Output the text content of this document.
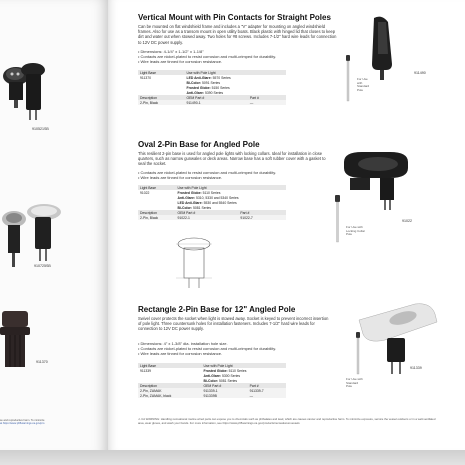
910521SB
910725SB
911370
se and reproductive harm. To minimize
at https://www.p65warnings.ca.gov/pro
Vertical Mount with Pin Contacts for Straight Poles
Can be mounted on flat windshield frame and includes a "V" adapter for mounting on angled windshield frames. Also for use as a transom mount in open utility boats. Black plastic with hinged lid that closes to keep dirt and water out when stowed away. Two holes for #8 screws. Includes 7-1/2" hard wire leads for connection to 12V DC power supply.
• Dimensions: 4-1/4" x 1-1/2" x 1-1/8"
• Contacts are nickel-plated to resist corrosion and multi-crimped for durability.
• Wire leads are tinned for corrosion resistance.
Light Base	Use with Pole Light	
911370	LED Anti-Glare: 5570 Series	
	Bi-Color: 5091 Series	
	Frosted Globe: 5150 Series	
	Anti-Glare: 5390 Series	
Description	OEM Part #	Part #
2-Pin, Black	911490-1	—
For Use with Standard Pole
911490
Oval 2-Pin Base for Angled Pole
This resilient 2-pin base is used for angled pole lights with locking collars. Ideal for installation in close quarters, such as narrow gunwales or deck areas. Narrow base has a soft rubber cover with a gasket to seal the socket.
• Contacts are nickel-plated to resist corrosion and multi-crimped for durability.
• Wire leads are tinned for corrosion resistance.
Light Base	Use with Pole Light	
91022	Frosted Globe: 5110 Series	
	Anti-Glare: 5310, 5330 and 5340 Series	
	LED Anti-Glare: 5530 and 5540 Series	
	Bi-Color: 5081 Series	
Description	OEM Part #	Part #
2-Pin, Black	91022-1	91022-7
For Use with Locking Collar Pole
91022
Rectangle 2-Pin Base for 12" Angled Pole
Swivel cover protects the socket when light is stowed away. Socket is keyed to prevent incorrect insertion of pole light. Three countersunk holes for installation fasteners. Includes 7-1/2" hard wire leads for connection to 12V DC power supply.
• Dimensions: 4" x 1-3/8" dia. installation hole size.
• Contacts are nickel-plated to resist corrosion and multi-crimped for durability.
• Wire leads are tinned for corrosion resistance.
Light Base	Use with Pole Light	
911339	Frosted Globe: 5110 Series	
	Anti-Glare: 5300 Series	
	Bi-Color: 5081 Series	
Description	OEM Part #	Part #
2-Pin, ZAMAK	911339-1	911339-7
2-Pin, ZAMAK, black	911339B	—
For Use with Standard Pole
911339
⚠ CA WARNING: Handling recreational marine wired parts can expose you to chemicals such as phthalates and lead, which are causes cancer and reproductive harm. To minimize exposure, service the vessel outdoors or in a well-ventilated area, wear gloves, and wash your hands. For more information, see https://www.p65warnings.ca.gov/products/recreational-vessels
